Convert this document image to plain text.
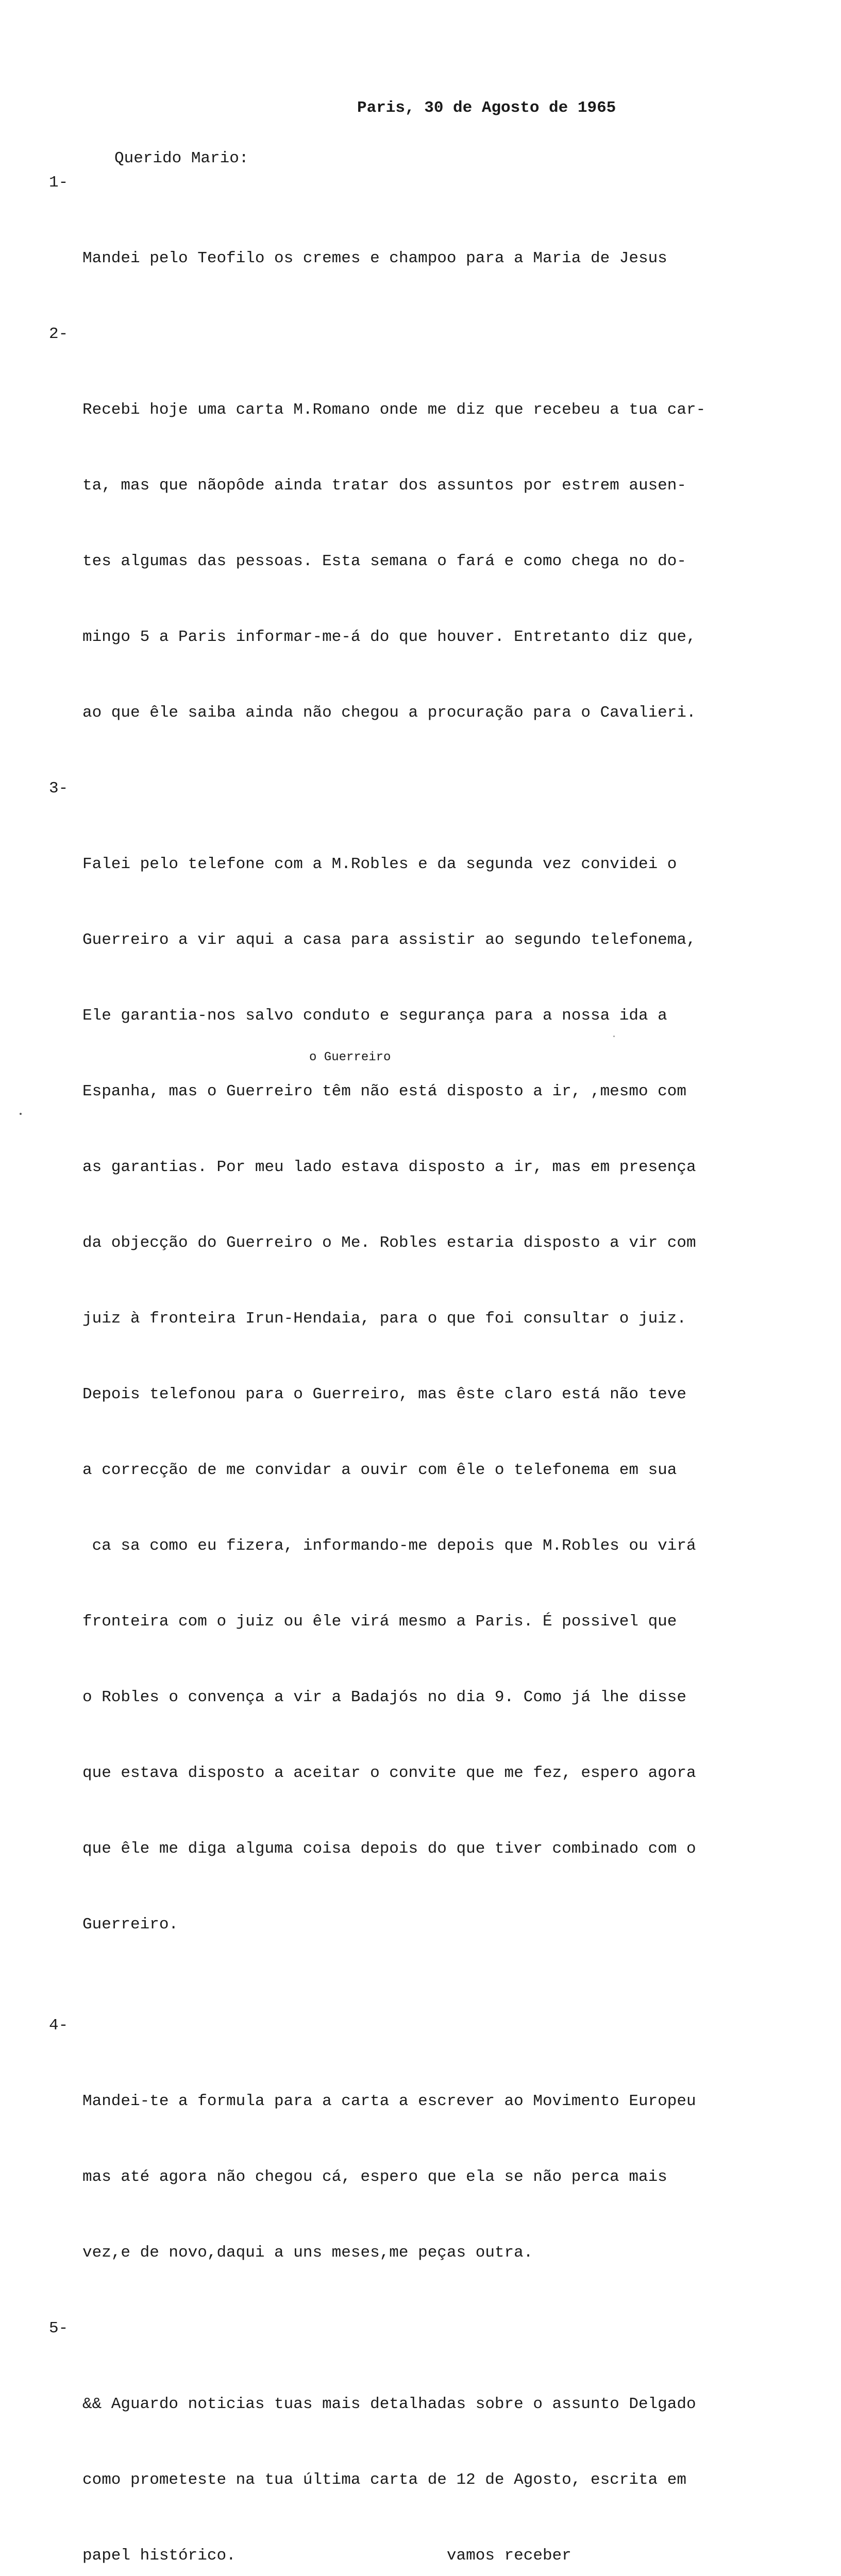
Paris, 30 de Agosto de 1965
Querido Mario:

1-

Mandei pelo Teofilo os cremes e champoo para a Maria de Jesus

2-

Recebi hoje uma carta M.Romano onde me diz que recebeu a tua car-

ta, mas que nãopôde ainda tratar dos assuntos por estrem ausen-

tes algumas das pessoas. Esta semana o fará e como chega no do-

mingo 5 a Paris informar-me-á do que houver. Entretanto diz que,

ao que êle saiba ainda não chegou a procuração para o Cavalieri.

3-

Falei pelo telefone com a M.Robles e da segunda vez convidei o

Guerreiro a vir aqui a casa para assistir ao segundo telefonema,

Ele garantia-nos salvo conduto e segurança para a nossa ida a

Espanha, mas o Guerreiro têm não está disposto a ir, ,mesmo com

as garantias. Por meu lado estava disposto a ir, mas em presença

da objecção do Guerreiro o Me. Robles estaria disposto a vir com

juiz à fronteira Irun-Hendaia, para o que foi consultar o juiz.

Depois telefonou para o Guerreiro, mas êste claro está não teve

a correcção de me convidar a ouvir com êle o telefonema em sua

ca sa como eu fizera, informando-me depois que M.Robles ou virá

fronteira com o juiz ou êle virá mesmo a Paris. É possivel que

o Robles o convença a vir a Badajós no dia 9. Como já lhe disse

que estava disposto a aceitar o convite que me fez, espero agora

que êle me diga alguma coisa depois do que tiver combinado com o

Guerreiro.

o Guerreiro

4-

Mandei-te a formula para a carta a escrever ao Movimento Europeu

mas até agora não chegou cá, espero que ela se não perca mais

vez,e de novo,daqui a uns meses,me peças outra.

5-

&& Aguardo noticias tuas mais detalhadas sobre o assunto Delgado

como prometeste na tua última carta de 12 de Agosto, escrita em

papel histórico.                      vamos receber
